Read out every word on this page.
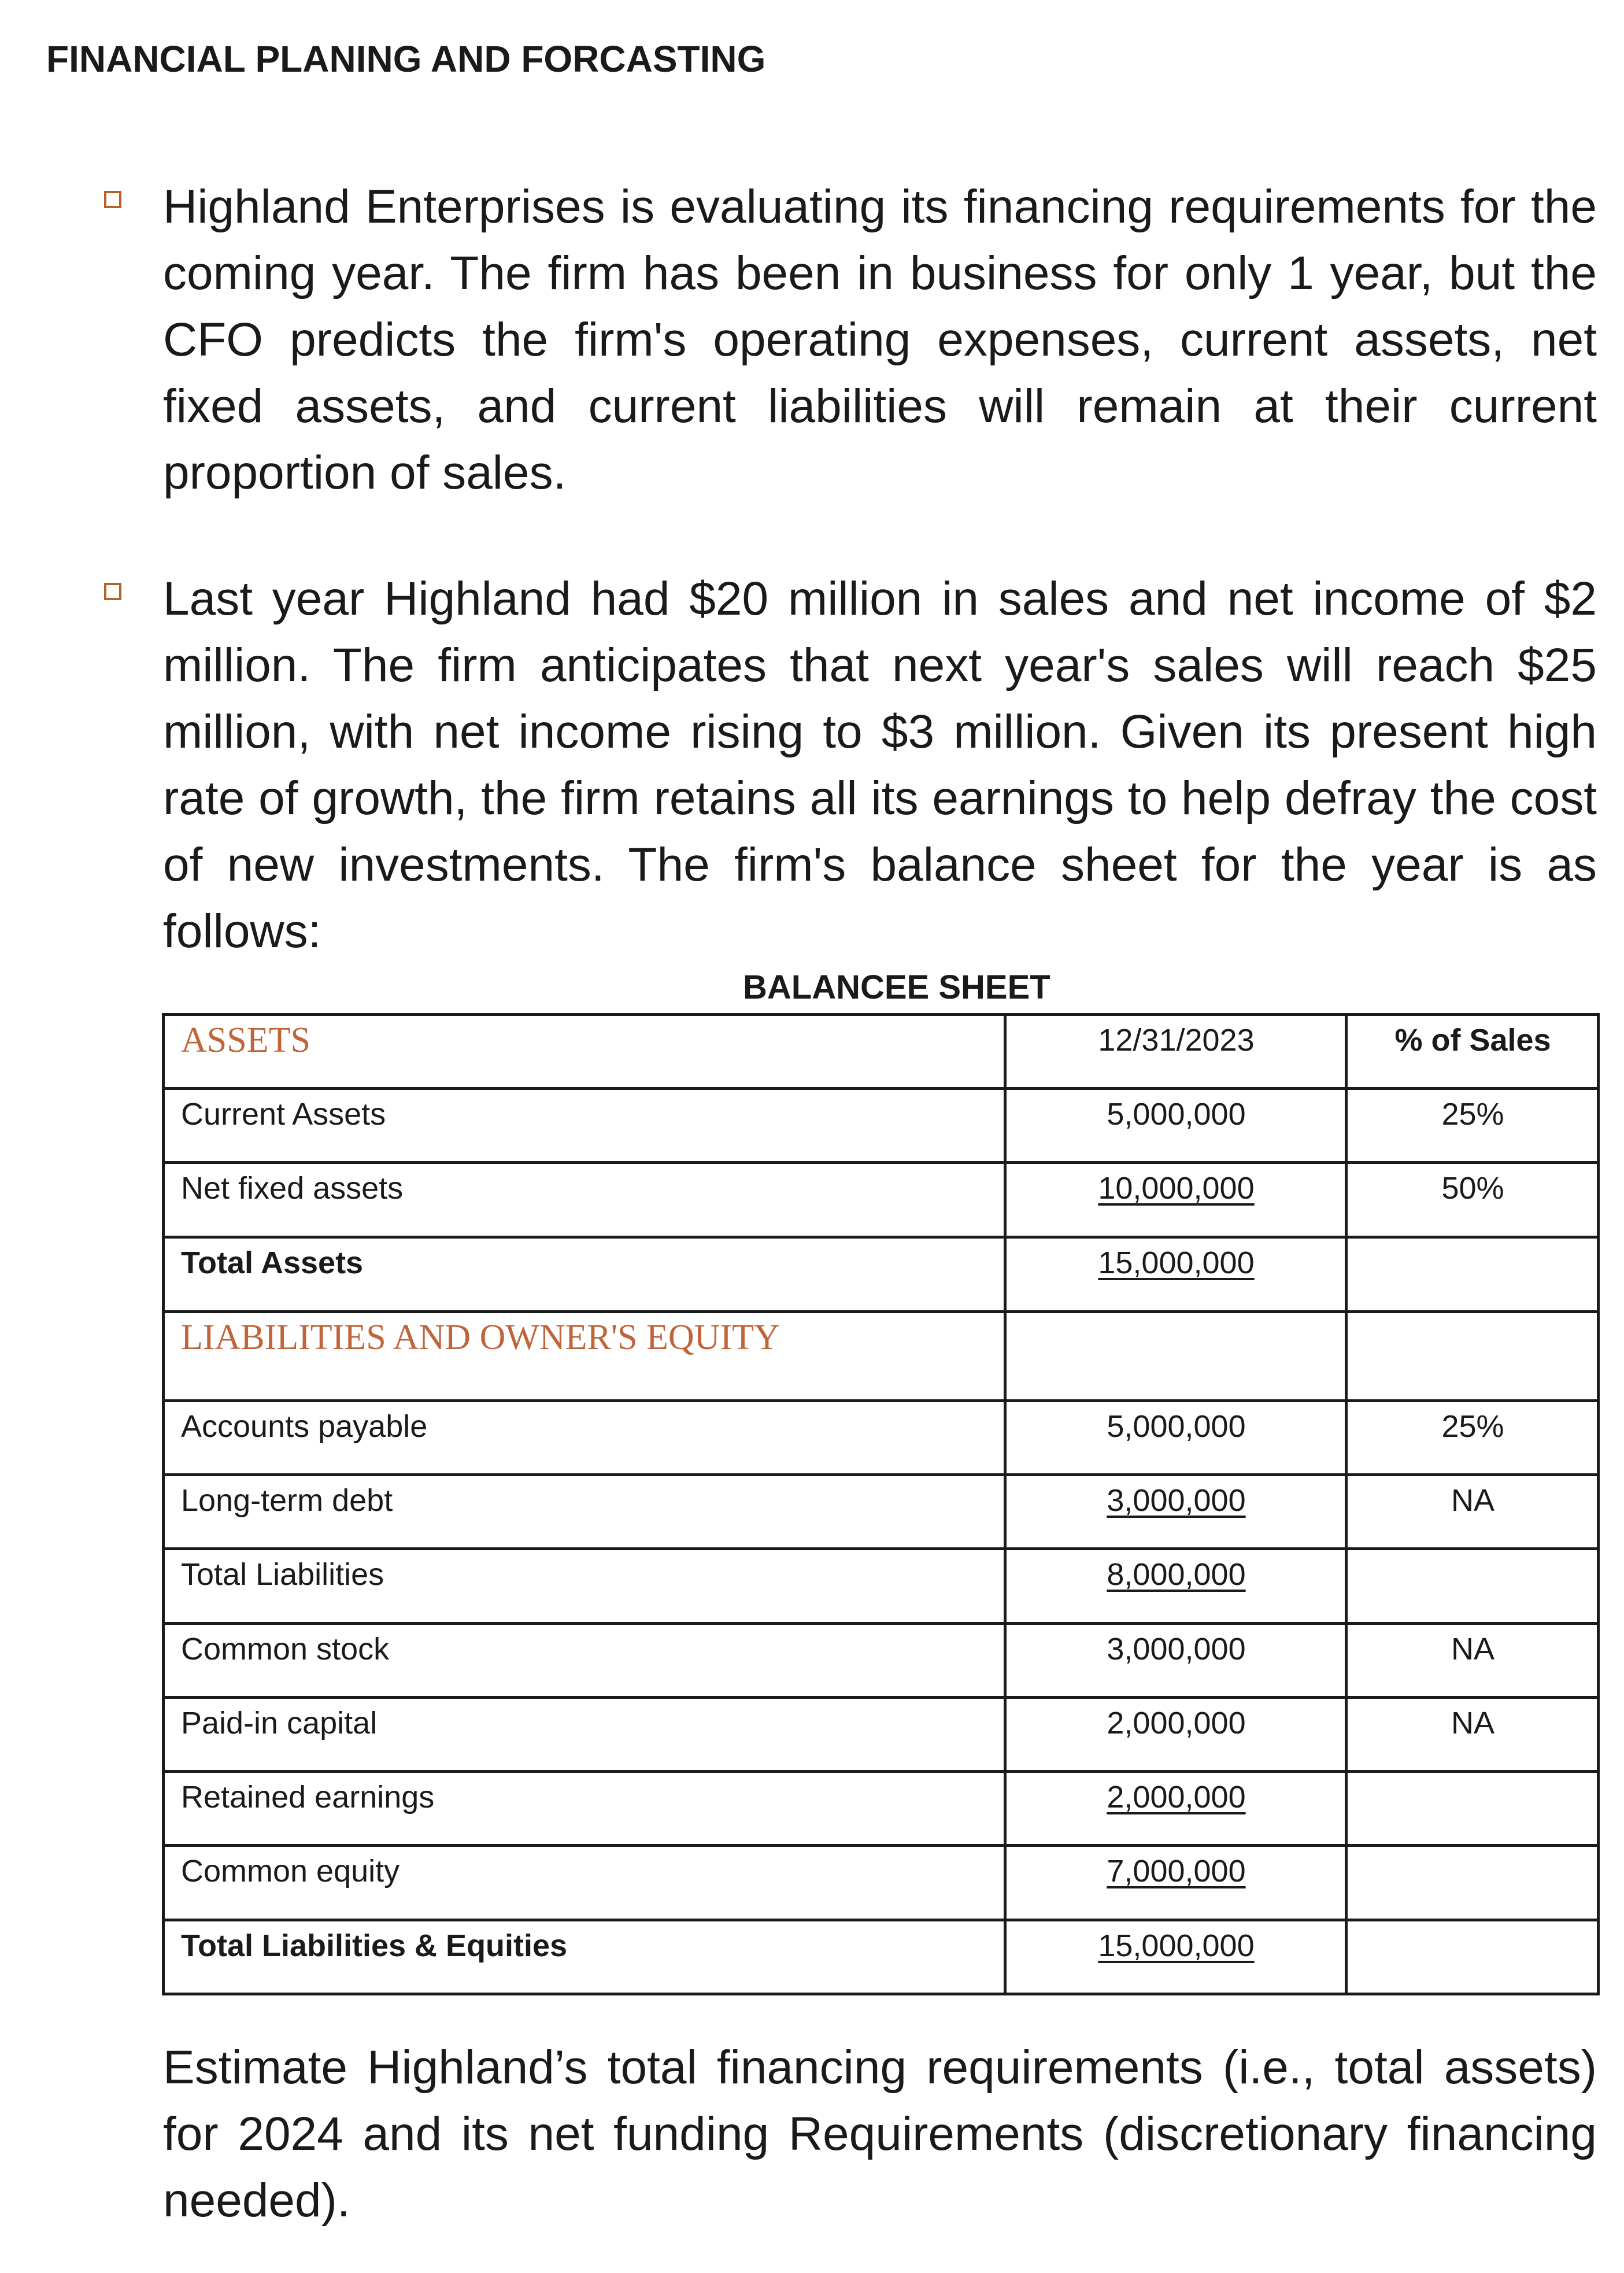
FINANCIAL PLANING AND FORCASTING

Highland Enterprises is evaluating its financing requirements for the coming year. The firm has been in business for only 1 year, but the CFO predicts the firm's operating expenses, current assets, net fixed assets, and current liabilities will remain at their current proportion of sales.

Last year Highland had $20 million in sales and net income of $2 million. The firm anticipates that next year's sales will reach $25 million, with net income rising to $3 million. Given its present high rate of growth, the firm retains all its earnings to help defray the cost of new investments. The firm's balance sheet for the year is as follows:

BALANCEE SHEET
ASSETS	12/31/2023	% of Sales
Current Assets	5,000,000	25%
Net fixed assets	10,000,000	50%
Total Assets	15,000,000	
LIABILITIES AND OWNER'S EQUITY		
Accounts payable	5,000,000	25%
Long-term debt	3,000,000	NA
Total Liabilities	8,000,000	
Common stock	3,000,000	NA
Paid-in capital	2,000,000	NA
Retained earnings	2,000,000	
Common equity	7,000,000	
Total Liabilities & Equities	15,000,000	

Estimate Highland’s total financing requirements (i.e., total assets) for 2024 and its net funding Requirements (discretionary financing needed).
